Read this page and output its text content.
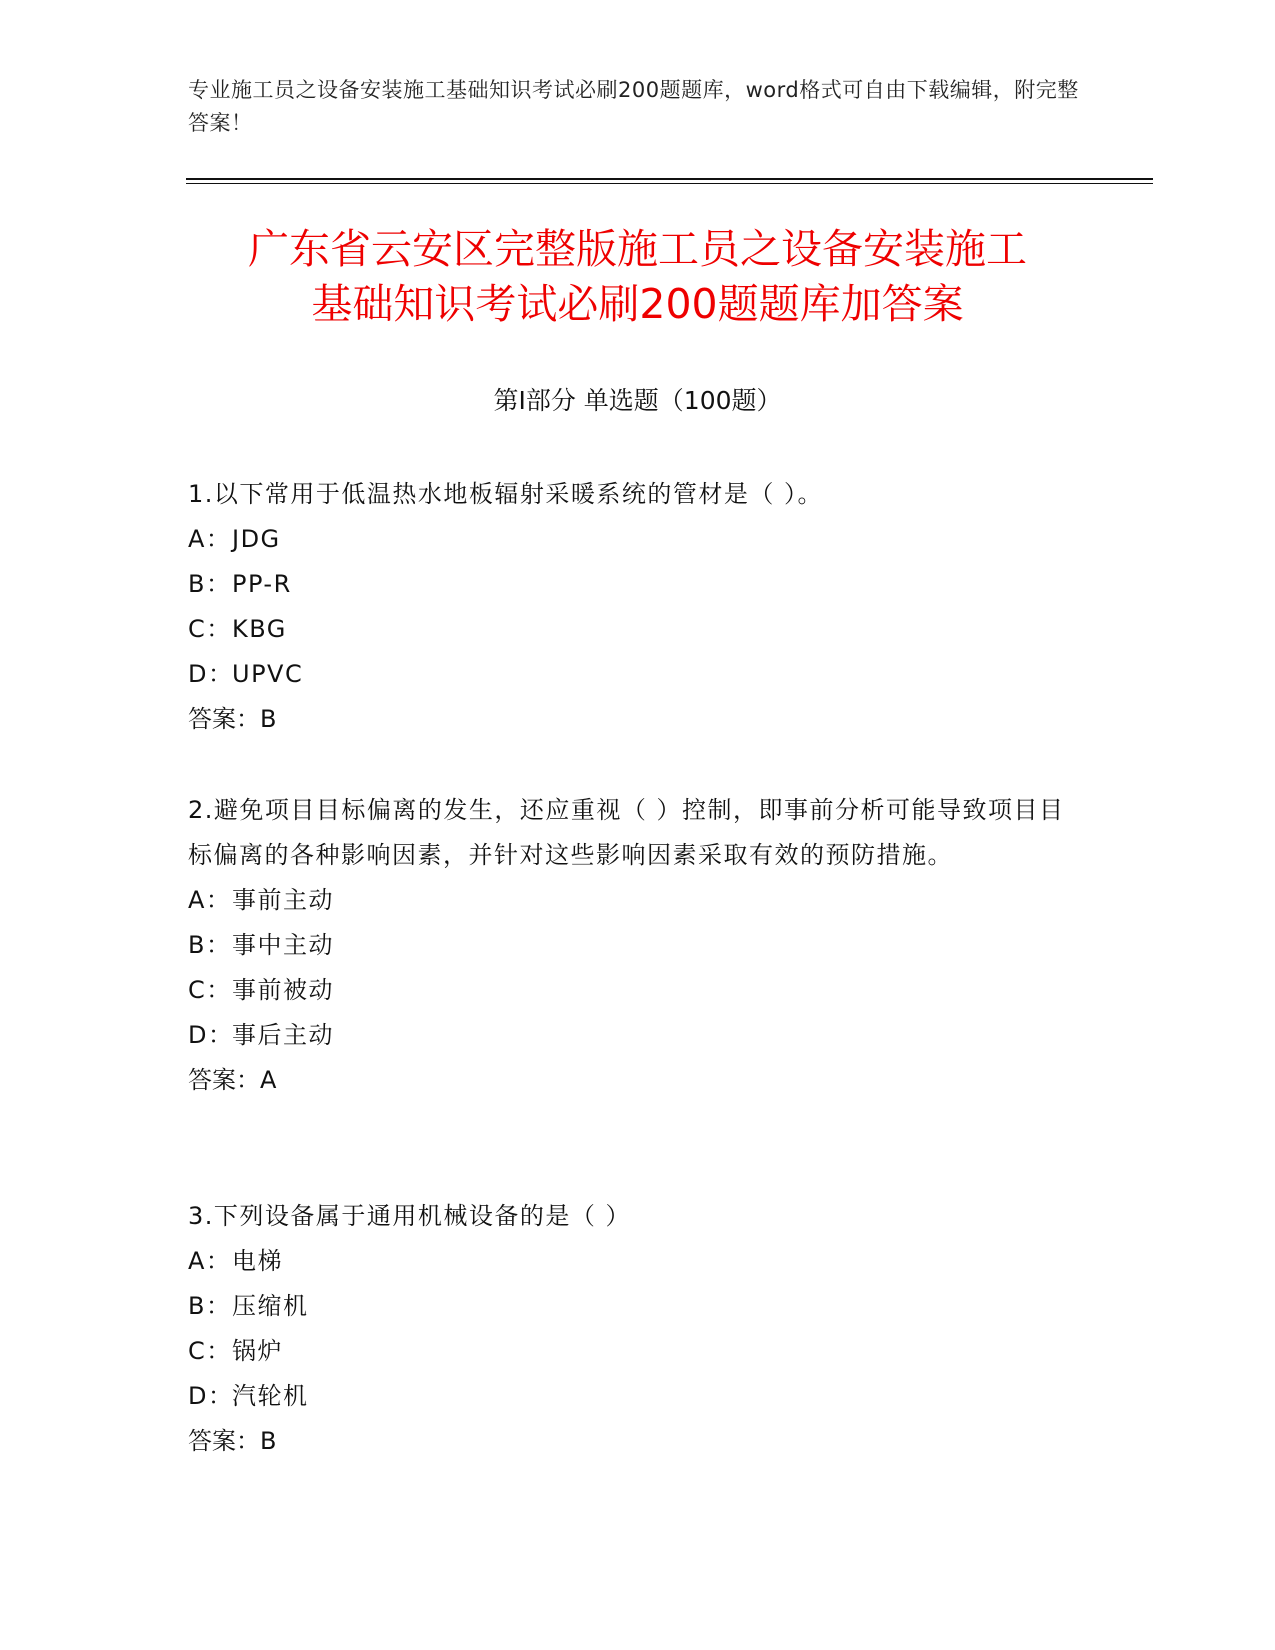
专业施工员之设备安装施工基础知识考试必刷200题题库，word格式可自由下载编辑，附完整答案！
广东省云安区完整版施工员之设备安装施工
基础知识考试必刷200题题库加答案
第Ⅰ部分 单选题（100题）

1.以下常用于低温热水地板辐射采暖系统的管材是（ ）。

A：JDG

B：PP-R

C：KBG

D：UPVC

答案：B

2.避免项目目标偏离的发生，还应重视（ ）控制，即事前分析可能导致项目目标偏离的各种影响因素，并针对这些影响因素采取有效的预防措施。

A：事前主动

B：事中主动

C：事前被动

D：事后主动

答案：A

3.下列设备属于通用机械设备的是（ ）

A：电梯

B：压缩机

C：锅炉

D：汽轮机

答案：B
